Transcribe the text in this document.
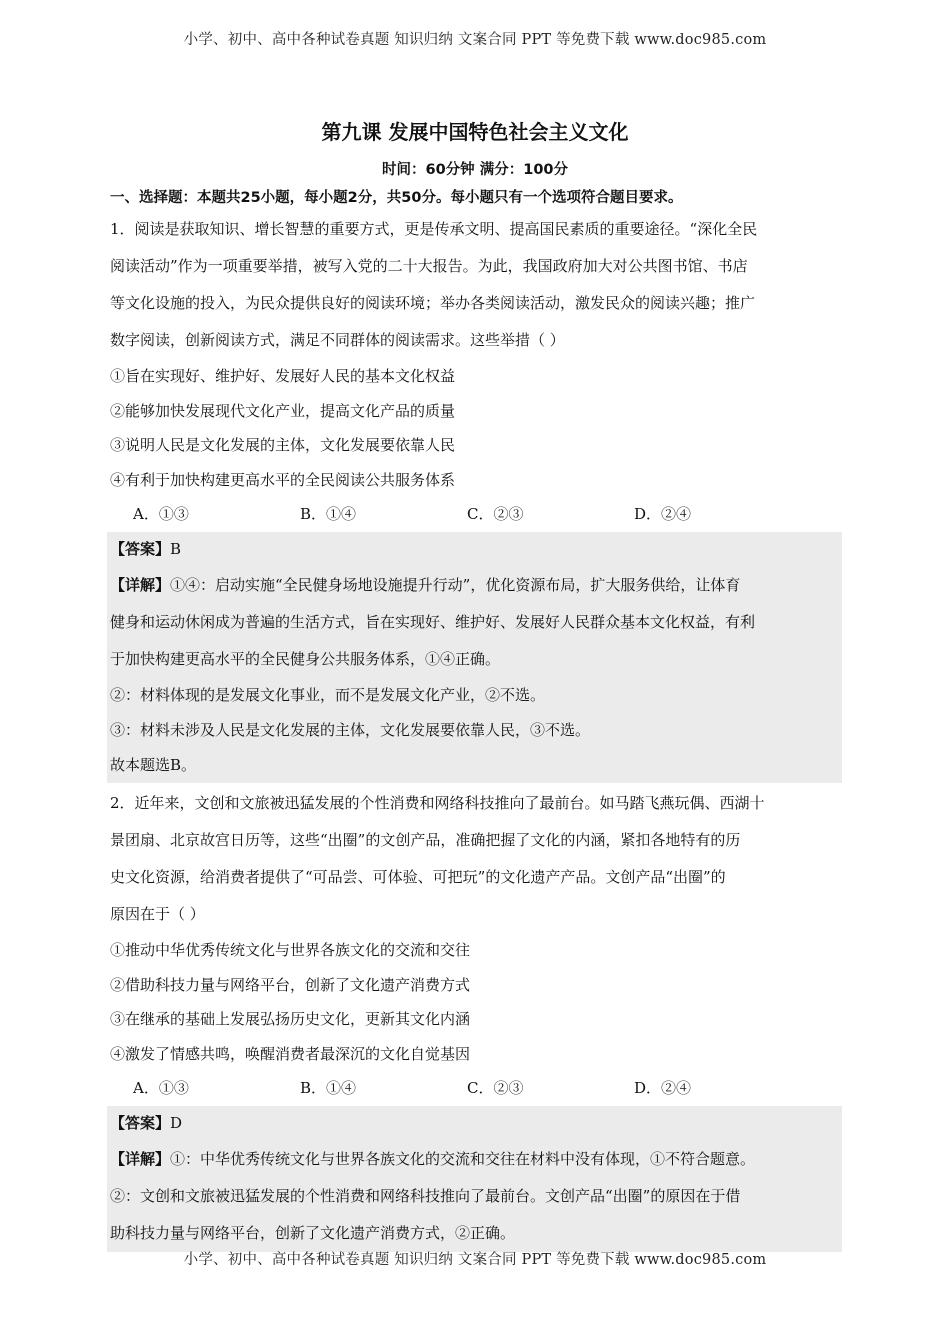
小学、初中、高中各种试卷真题 知识归纳 文案合同 PPT 等免费下载 www.doc985.com
第九课 发展中国特色社会主义文化
时间：60分钟 满分：100分

一、选择题：本题共25小题，每小题2分，共50分。每小题只有一个选项符合题目要求。

1．阅读是获取知识、增长智慧的重要方式，更是传承文明、提高国民素质的重要途径。“深化全民

阅读活动”作为一项重要举措，被写入党的二十大报告。为此，我国政府加大对公共图书馆、书店

等文化设施的投入，为民众提供良好的阅读环境；举办各类阅读活动，激发民众的阅读兴趣；推广

数字阅读，创新阅读方式，满足不同群体的阅读需求。这些举措（ ）

①旨在实现好、维护好、发展好人民的基本文化权益

②能够加快发展现代文化产业，提高文化产品的质量

③说明人民是文化发展的主体，文化发展要依靠人民

④有利于加快构建更高水平的全民阅读公共服务体系

A．①③	B．①④	C．②③	D．②④

【答案】B

【详解】①④：启动实施“全民健身场地设施提升行动”，优化资源布局，扩大服务供给，让体育

健身和运动休闲成为普遍的生活方式，旨在实现好、维护好、发展好人民群众基本文化权益，有利

于加快构建更高水平的全民健身公共服务体系，①④正确。

②：材料体现的是发展文化事业，而不是发展文化产业，②不选。

③：材料未涉及人民是文化发展的主体，文化发展要依靠人民，③不选。

故本题选B。

2．近年来，文创和文旅被迅猛发展的个性消费和网络科技推向了最前台。如马踏飞燕玩偶、西湖十

景团扇、北京故宫日历等，这些“出圈”的文创产品，准确把握了文化的内涵，紧扣各地特有的历

史文化资源，给消费者提供了“可品尝、可体验、可把玩”的文化遗产产品。文创产品“出圈”的

原因在于（ ）

①推动中华优秀传统文化与世界各族文化的交流和交往

②借助科技力量与网络平台，创新了文化遗产消费方式

③在继承的基础上发展弘扬历史文化，更新其文化内涵

④激发了情感共鸣，唤醒消费者最深沉的文化自觉基因

A．①③	B．①④	C．②③	D．②④

【答案】D

【详解】①：中华优秀传统文化与世界各族文化的交流和交往在材料中没有体现，①不符合题意。

②：文创和文旅被迅猛发展的个性消费和网络科技推向了最前台。文创产品“出圈”的原因在于借

助科技力量与网络平台，创新了文化遗产消费方式，②正确。

小学、初中、高中各种试卷真题 知识归纳 文案合同 PPT 等免费下载 www.doc985.com
